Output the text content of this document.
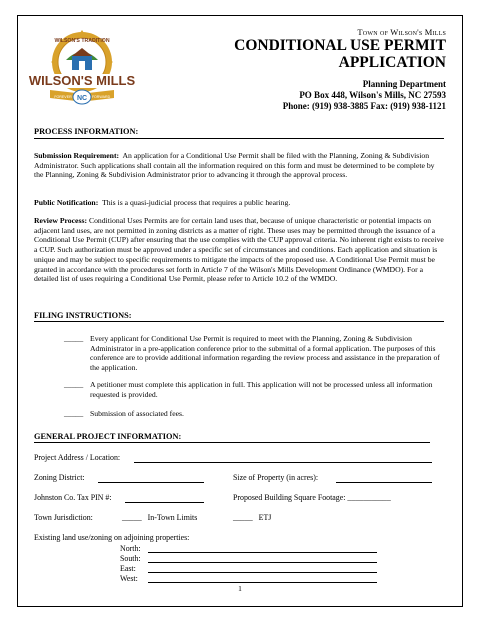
WILSON'S TRADITION
WILSON'S MILLS
NC
FOREVER	FORWARD
Town of Wilson's Mills
CONDITIONAL USE PERMIT
APPLICATION
Planning Department
PO Box 448, Wilson's Mills, NC 27593
Phone: (919) 938-3885 Fax: (919) 938-1121
PROCESS INFORMATION:
Submission Requirement: An application for a Conditional Use Permit shall be filed with the Planning, Zoning & Subdivision Administrator. Such applications shall contain all the information required on this form and must be determined to be complete by the Planning, Zoning & Subdivision Administrator prior to advancing it through the approval process.
Public Notification: This is a quasi-judicial process that requires a public hearing.
Review Process: Conditional Uses Permits are for certain land uses that, because of unique characteristic or potential impacts on adjacent land uses, are not permitted in zoning districts as a matter of right. These uses may be permitted through the issuance of a Conditional Use Permit (CUP) after ensuring that the use complies with the CUP approval criteria. No inherent right exists to receive a CUP. Such authorization must be approved under a specific set of circumstances and conditions. Each application and situation is unique and may be subject to specific requirements to mitigate the impacts of the proposed use. A Conditional Use Permit must be granted in accordance with the procedures set forth in Article 7 of the Wilson's Mills Development Ordinance (WMDO). For a detailed list of uses requiring a Conditional Use Permit, please refer to Article 10.2 of the WMDO.
FILING INSTRUCTIONS:
_____ Every applicant for Conditional Use Permit is required to meet with the Planning, Zoning & Subdivision Administrator in a pre-application conference prior to the submittal of a formal application. The purposes of this conference are to provide additional information regarding the review process and assistance in the preparation of the application.
_____ A petitioner must complete this application in full. This application will not be processed unless all information requested is provided.
_____ Submission of associated fees.
GENERAL PROJECT INFORMATION:
Project Address / Location:
Zoning District:	Size of Property (in acres):
Johnston Co. Tax PIN #:	Proposed Building Square Footage: ___________
Town Jurisdiction:	_____ In-Town Limits	_____ ETJ
Existing land use/zoning on adjoining properties:
North:
South:
East:
West:
1
